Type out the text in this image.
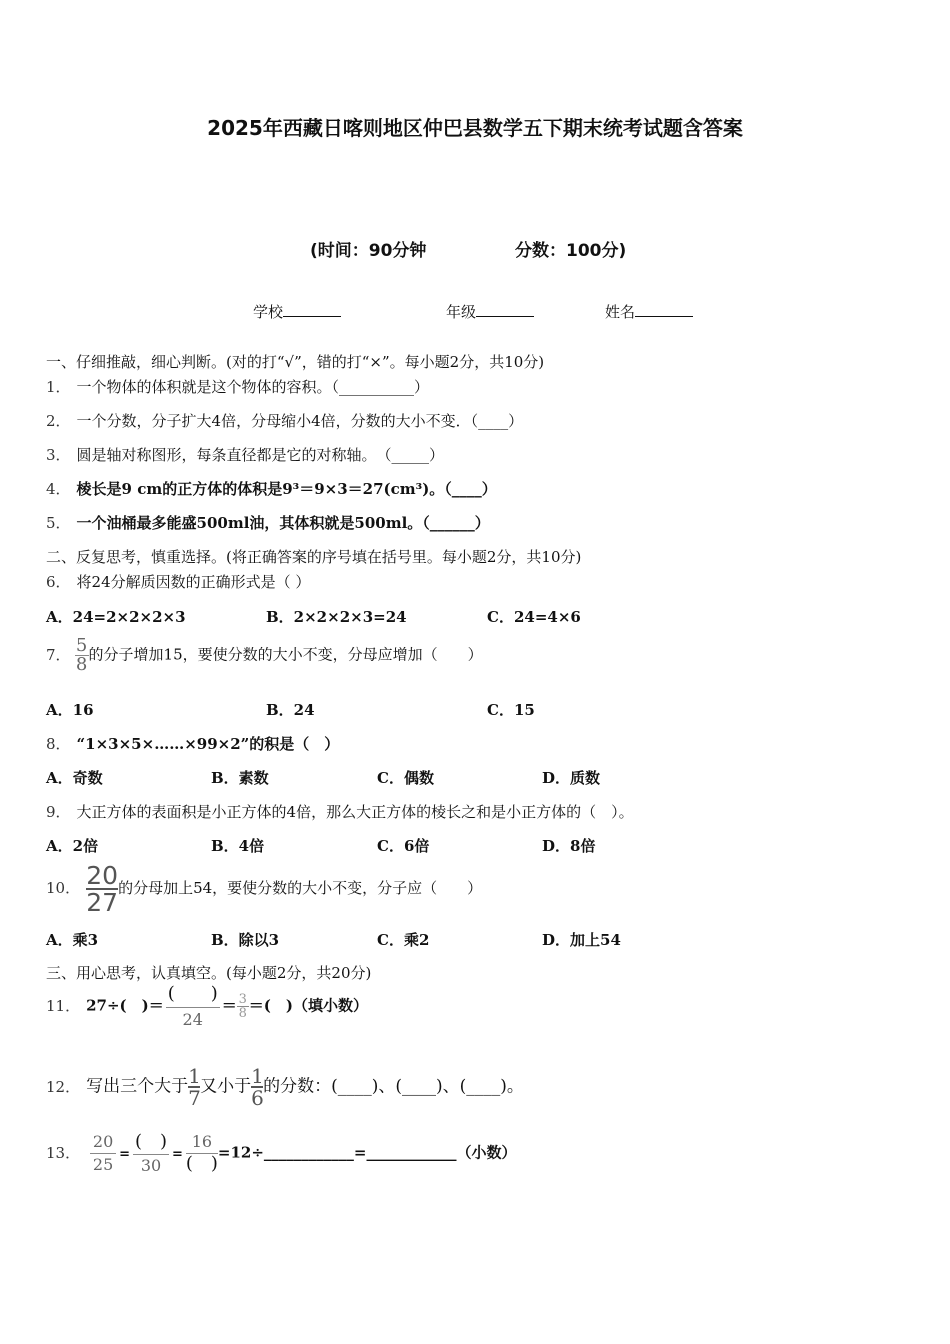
2025年西藏日喀则地区仲巴县数学五下期末统考试题含答案
(时间：90分钟	分数：100分)
学校	年级	姓名
一、仔细推敲，细心判断。(对的打“√”，错的打“×”。每小题2分，共10分)
1． 一个物体的体积就是这个物体的容积。（__________）
2． 一个分数，分子扩大4倍，分母缩小4倍，分数的大小不变．（____）
3． 圆是轴对称图形，每条直径都是它的对称轴。　（_____）
4． 棱长是9 cm的正方体的体积是9³＝9×3＝27(cm³)。（____）
5． 一个油桶最多能盛500ml油，其体积就是500ml。（______）
二、反复思考，慎重选择。(将正确答案的序号填在括号里。每小题2分，共10分)
6． 将24分解质因数的正确形式是（ ）
A．24=2×2×2×3	B．2×2×2×3=24	C．24=4×6
7． $\frac{5}{8}$ 的分子增加15，要使分数的大小不变，分母应增加（　　）
A．16	B．24	C．15
8． “1×3×5×……×99×2”的积是（　）
A．奇数	B．素数	C．偶数	D．质数
9． 大正方体的表面积是小正方体的4倍，那么大正方体的棱长之和是小正方体的（　）。
A．2倍	B．4倍	C．6倍	D．8倍
10． $\frac{20}{27}$ 的分母加上54，要使分数的大小不变，分子应（　　）
A．乘3	B．除以3	C．乘2	D．加上54
三、用心思考，认真填空。(每小题2分，共20分)
11． 27÷(　)＝ $\frac{( )}{24} = \frac{3}{8}$ ＝(　)（填小数）
12． 写出三个大于 $\frac{1}{7}$ 又小于 $\frac{1}{6}$ 的分数：(____)、(____)、(____)。
13． $\frac{20}{25} = \frac{( )}{30} = \frac{16}{( )}$ =12÷____________=____________（小数）
